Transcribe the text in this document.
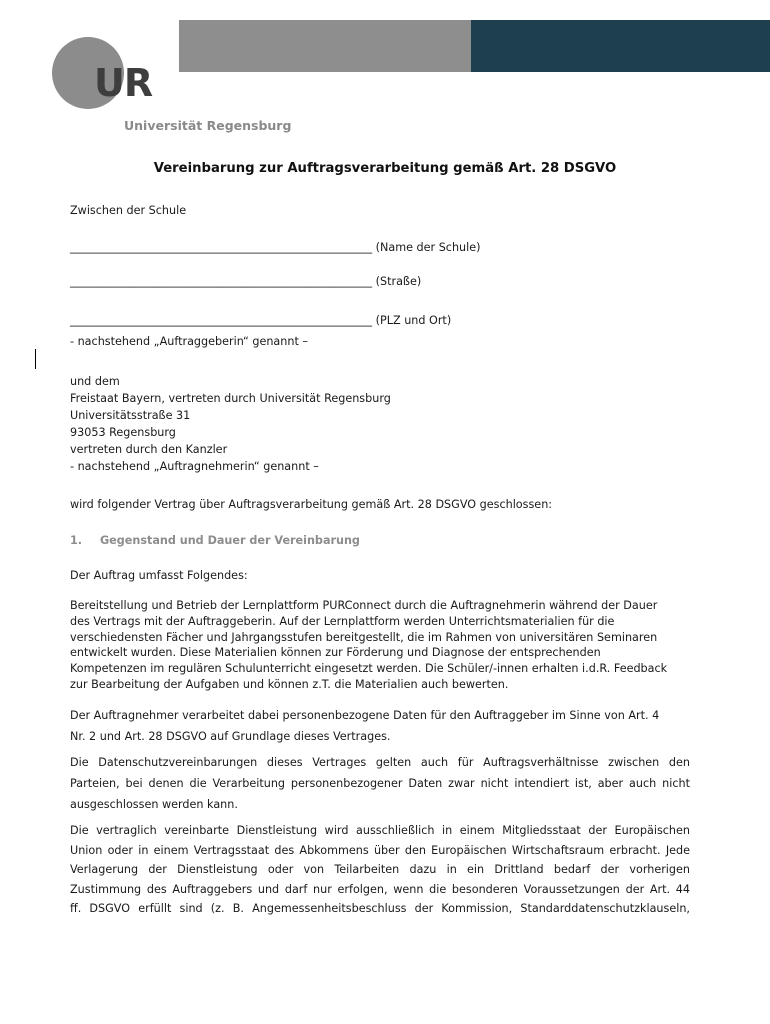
UR
Universität Regensburg
Vereinbarung zur Auftragsverarbeitung gemäß Art. 28 DSGVO
Zwischen der Schule
______________________________________________________ (Name der Schule)
______________________________________________________ (Straße)
______________________________________________________ (PLZ und Ort)
- nachstehend „Auftraggeberin“ genannt –
und dem
Freistaat Bayern, vertreten durch Universität Regensburg
Universitätsstraße 31
93053 Regensburg
vertreten durch den Kanzler
- nachstehend „Auftragnehmerin“ genannt –
wird folgender Vertrag über Auftragsverarbeitung gemäß Art. 28 DSGVO geschlossen:
1. Gegenstand und Dauer der Vereinbarung
Der Auftrag umfasst Folgendes:
Bereitstellung und Betrieb der Lernplattform PURConnect durch die Auftragnehmerin während der Dauer
des Vertrags mit der Auftraggeberin. Auf der Lernplattform werden Unterrichtsmaterialien für die
verschiedensten Fächer und Jahrgangsstufen bereitgestellt, die im Rahmen von universitären Seminaren
entwickelt wurden. Diese Materialien können zur Förderung und Diagnose der entsprechenden
Kompetenzen im regulären Schulunterricht eingesetzt werden. Die Schüler/-innen erhalten i.d.R. Feedback
zur Bearbeitung der Aufgaben und können z.T. die Materialien auch bewerten.
Der Auftragnehmer verarbeitet dabei personenbezogene Daten für den Auftraggeber im Sinne von Art. 4
Nr. 2 und Art. 28 DSGVO auf Grundlage dieses Vertrages.
Die Datenschutzvereinbarungen dieses Vertrages gelten auch für Auftragsverhältnisse zwischen den
Parteien, bei denen die Verarbeitung personenbezogener Daten zwar nicht intendiert ist, aber auch nicht
ausgeschlossen werden kann.
Die vertraglich vereinbarte Dienstleistung wird ausschließlich in einem Mitgliedsstaat der Europäischen
Union oder in einem Vertragsstaat des Abkommens über den Europäischen Wirtschaftsraum erbracht. Jede
Verlagerung der Dienstleistung oder von Teilarbeiten dazu in ein Drittland bedarf der vorherigen
Zustimmung des Auftraggebers und darf nur erfolgen, wenn die besonderen Voraussetzungen der Art. 44
ff. DSGVO erfüllt sind (z. B. Angemessenheitsbeschluss der Kommission, Standarddatenschutzklauseln,
